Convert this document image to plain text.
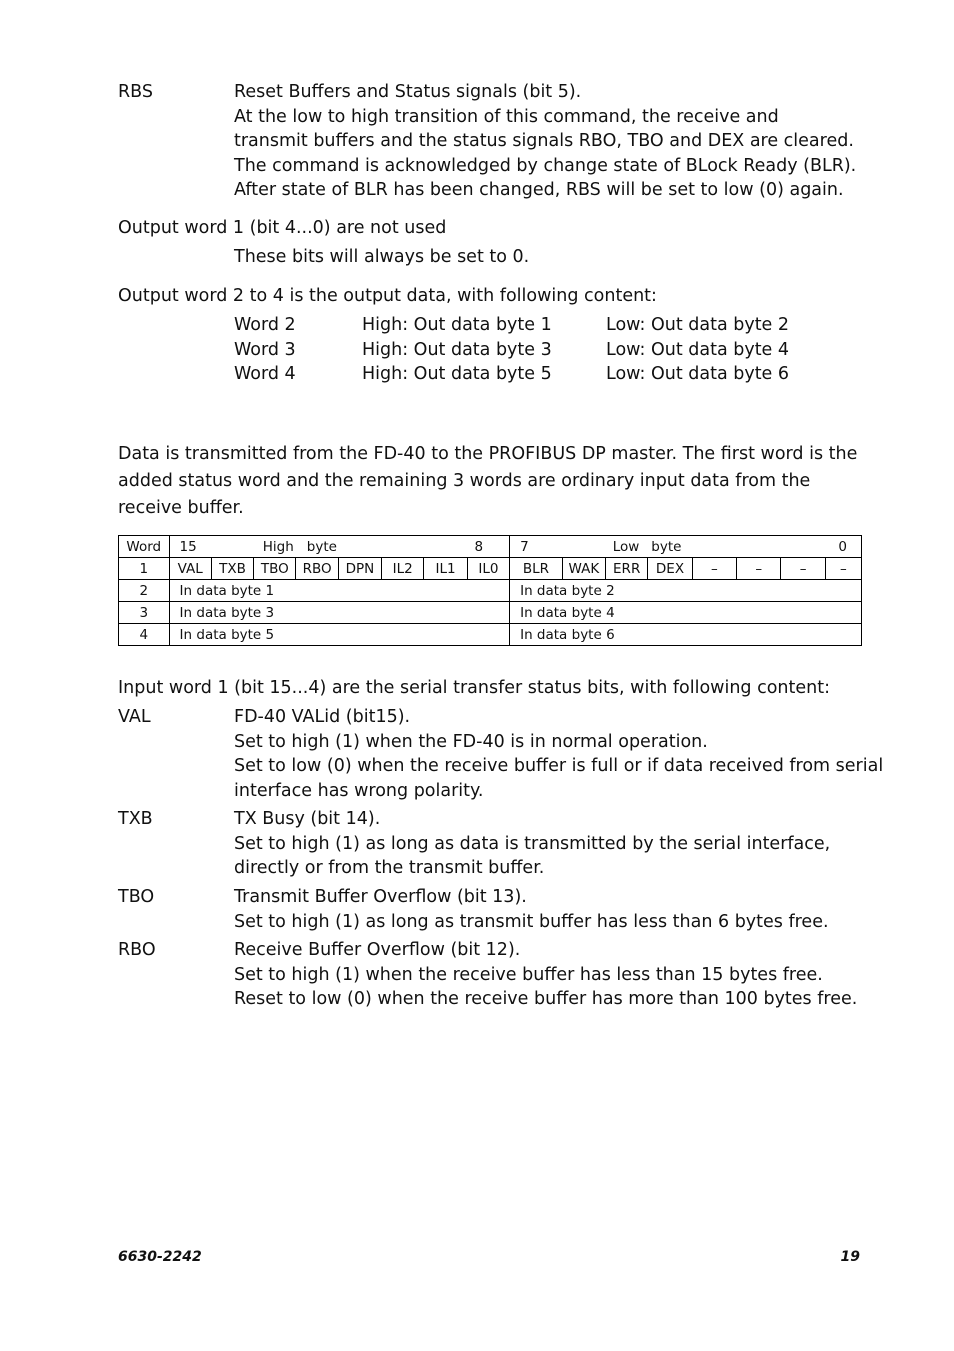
RBS	Reset Buffers and Status signals (bit 5).
At the low to high transition of this command, the receive and
transmit buffers and the status signals RBO, TBO and DEX are cleared.
The command is acknowledged by change state of BLock Ready (BLR).
After state of BLR has been changed, RBS will be set to low (0) again.
Output word 1 (bit 4...0) are not used
These bits will always be set to 0.
Output word 2 to 4 is the output data, with following content:
Word 2	High: Out data byte 1	Low: Out data byte 2
Word 3	High: Out data byte 3	Low: Out data byte 4
Word 4	High: Out data byte 5	Low: Out data byte 6
Data is transmitted from the FD-40 to the PROFIBUS DP master. The first word is the added status word and the remaining 3 words are ordinary input data from the receive buffer.
Word	15 High byte 8								7 Low byte 0							

1	VAL	TXB	TBO	RBO	DPN	IL2	IL1	IL0	BLR	WAK	ERR	DEX	–	–	–	–
2	In data byte 1								In data byte 2							
3	In data byte 3								In data byte 4							
4	In data byte 5								In data byte 6							
Input word 1 (bit 15...4) are the serial transfer status bits, with following content:
VAL	FD-40 VALid (bit15).
Set to high (1) when the FD-40 is in normal operation.
Set to low (0) when the receive buffer is full or if data received from serial
interface has wrong polarity.
TXB	TX Busy (bit 14).
Set to high (1) as long as data is transmitted by the serial interface,
directly or from the transmit buffer.
TBO	Transmit Buffer Overflow (bit 13).
Set to high (1) as long as transmit buffer has less than 6 bytes free.
RBO	Receive Buffer Overflow (bit 12).
Set to high (1) when the receive buffer has less than 15 bytes free.
Reset to low (0) when the receive buffer has more than 100 bytes free.
6630-2242	19
